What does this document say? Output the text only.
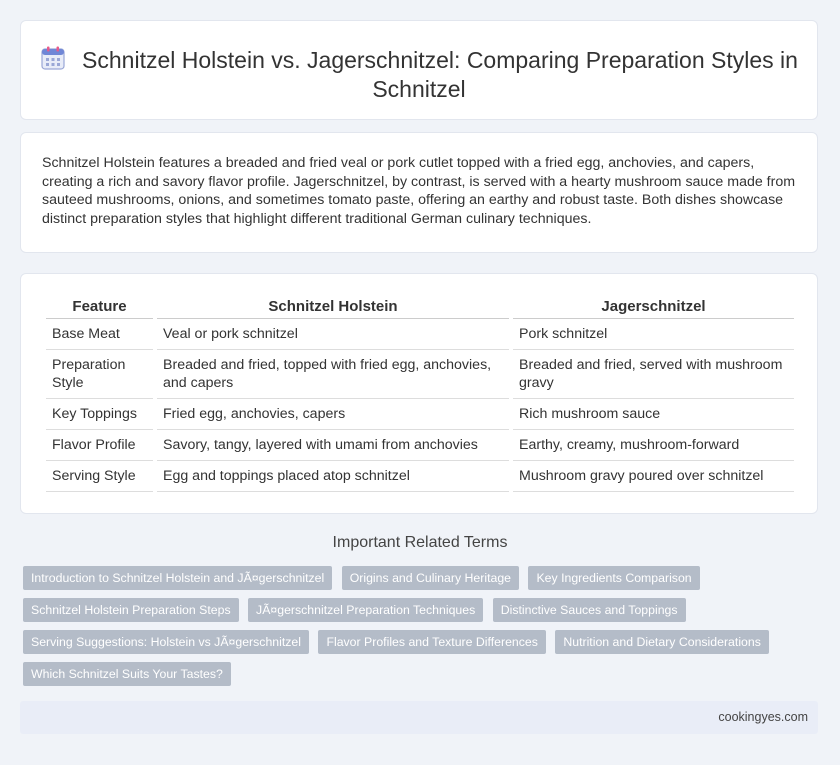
Schnitzel Holstein vs. Jagerschnitzel: Comparing Preparation Styles in Schnitzel

Schnitzel Holstein features a breaded and fried veal or pork cutlet topped with a fried egg, anchovies, and capers, creating a rich and savory flavor profile. Jagerschnitzel, by contrast, is served with a hearty mushroom sauce made from sauteed mushrooms, onions, and sometimes tomato paste, offering an earthy and robust taste. Both dishes showcase distinct preparation styles that highlight different traditional German culinary techniques.

Feature	Schnitzel Holstein	Jagerschnitzel
Base Meat	Veal or pork schnitzel	Pork schnitzel
Preparation Style	Breaded and fried, topped with fried egg, anchovies, and capers	Breaded and fried, served with mushroom gravy
Key Toppings	Fried egg, anchovies, capers	Rich mushroom sauce
Flavor Profile	Savory, tangy, layered with umami from anchovies	Earthy, creamy, mushroom-forward
Serving Style	Egg and toppings placed atop schnitzel	Mushroom gravy poured over schnitzel
Important Related Terms
Introduction to Schnitzel Holstein and JÃ¤gerschnitzel Origins and Culinary Heritage Key Ingredients Comparison
Schnitzel Holstein Preparation Steps JÃ¤gerschnitzel Preparation Techniques Distinctive Sauces and Toppings
Serving Suggestions: Holstein vs JÃ¤gerschnitzel Flavor Profiles and Texture Differences Nutrition and Dietary Considerations
Which Schnitzel Suits Your Tastes?
cookingyes.com
